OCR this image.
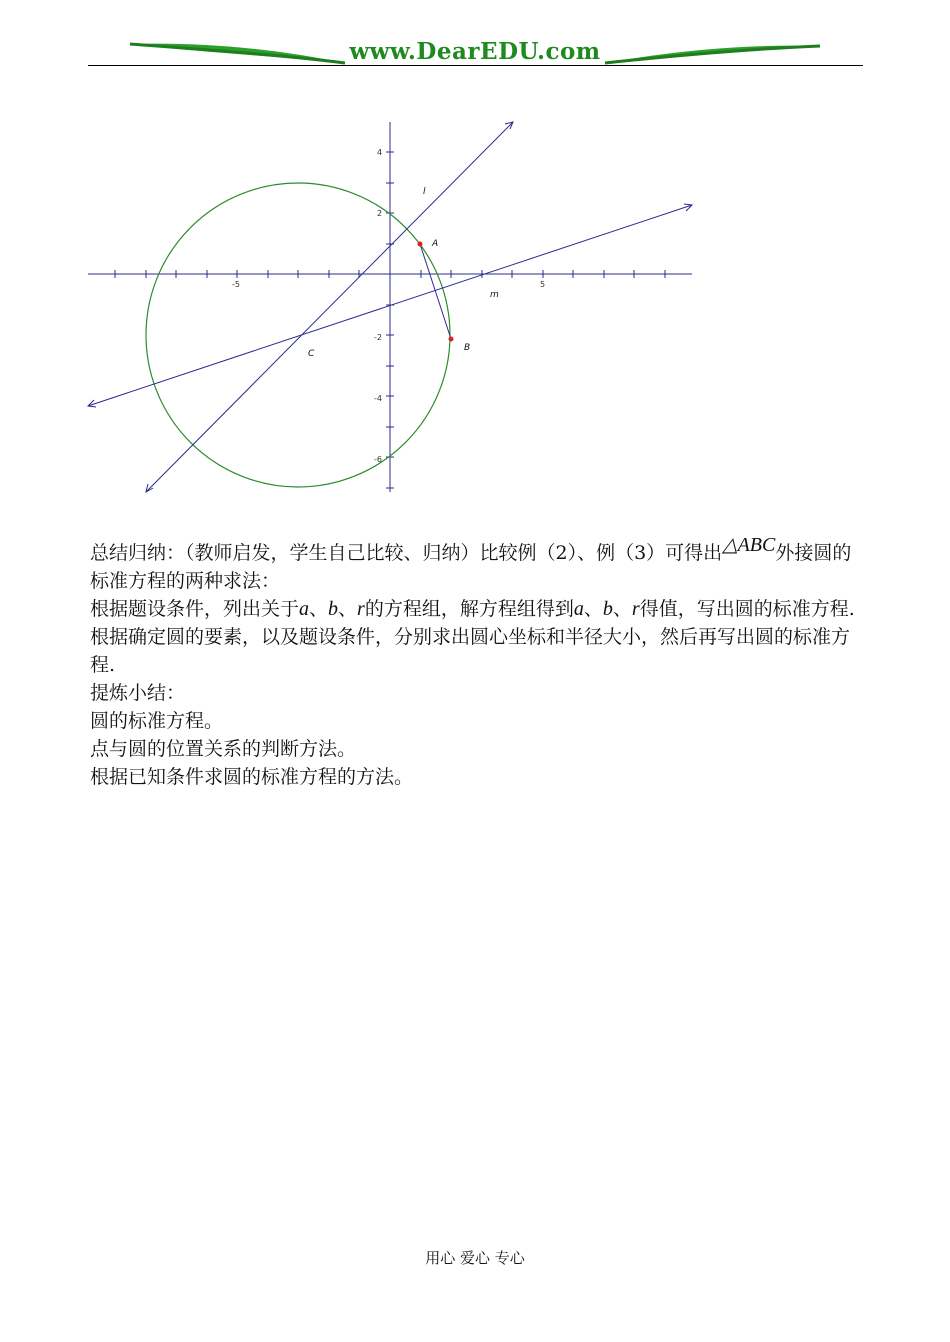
www.DearEDU.com
-5	5
4
2
-2
-4
-6
l
m
A
B
C

总结归纳：（教师启发，学生自己比较、归纳）比较例（2）、例（3）可得出△ABC外接圆的标准方程的两种求法：

根据题设条件，列出关于a、b、r的方程组，解方程组得到a、b、r得值，写出圆的标准方程.

根据确定圆的要素，以及题设条件，分别求出圆心坐标和半径大小，然后再写出圆的标准方程.

提炼小结：

圆的标准方程。

点与圆的位置关系的判断方法。

根据已知条件求圆的标准方程的方法。

用心 爱心 专心
